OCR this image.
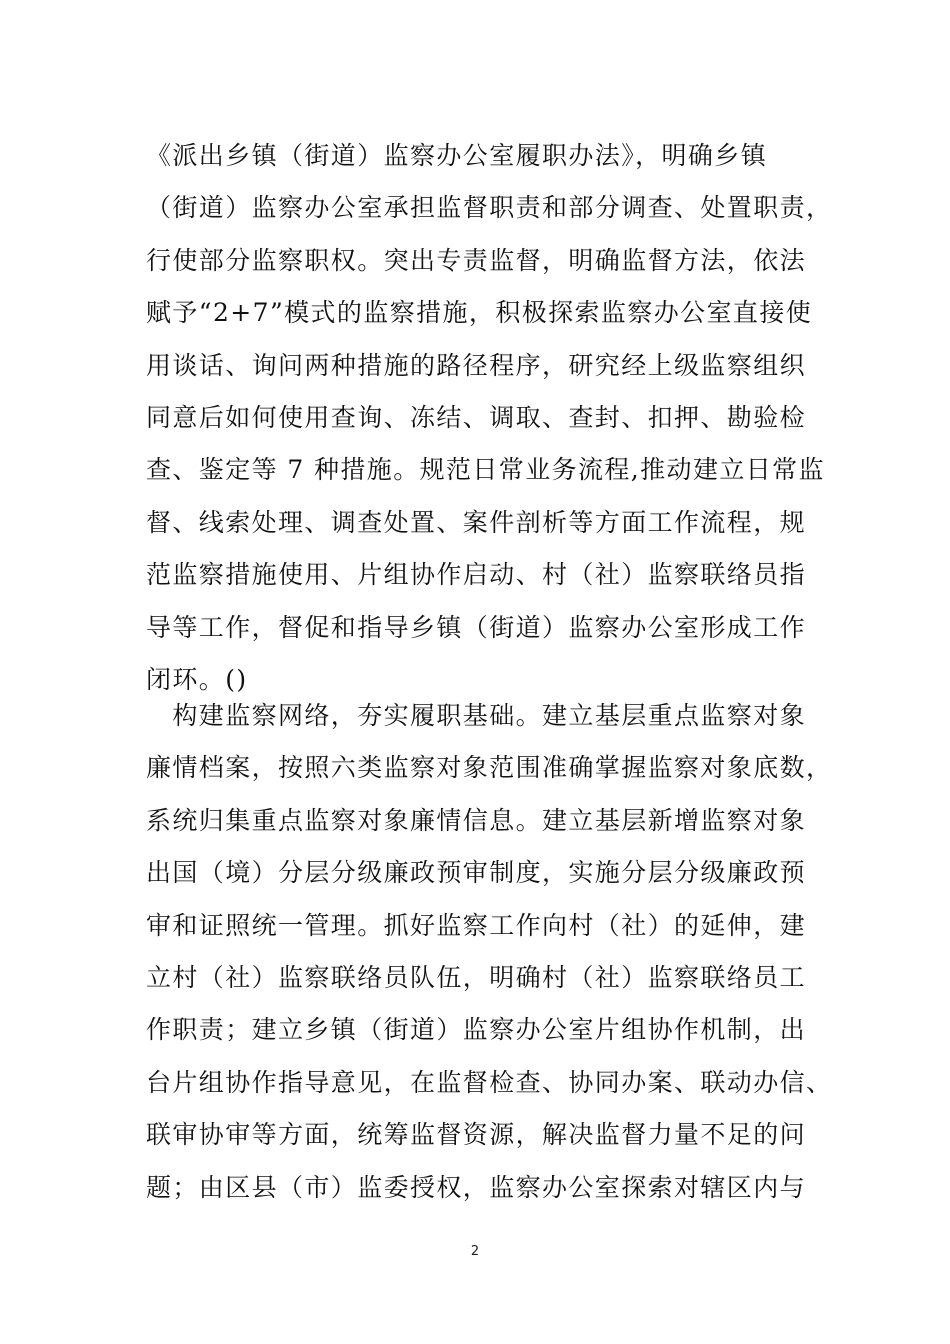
《派出乡镇（街道）监察办公室履职办法》，明确乡镇
（街道）监察办公室承担监督职责和部分调查、处置职责，
行使部分监察职权。突出专责监督，明确监督方法，依法
赋予“2+7”模式的监察措施，积极探索监察办公室直接使
用谈话、询问两种措施的路径程序，研究经上级监察组织
同意后如何使用查询、冻结、调取、查封、扣押、勘验检
查、鉴定等 7 种措施。规范日常业务流程,推动建立日常监
督、线索处理、调查处置、案件剖析等方面工作流程，规
范监察措施使用、片组协作启动、村（社）监察联络员指
导等工作，督促和指导乡镇（街道）监察办公室形成工作
闭环。()
　构建监察网络，夯实履职基础。建立基层重点监察对象
廉情档案，按照六类监察对象范围准确掌握监察对象底数，
系统归集重点监察对象廉情信息。建立基层新增监察对象
出国（境）分层分级廉政预审制度，实施分层分级廉政预
审和证照统一管理。抓好监察工作向村（社）的延伸，建
立村（社）监察联络员队伍，明确村（社）监察联络员工
作职责；建立乡镇（街道）监察办公室片组协作机制，出
台片组协作指导意见，在监督检查、协同办案、联动办信、
联审协审等方面，统筹监督资源，解决监督力量不足的问
题；由区县（市）监委授权，监察办公室探索对辖区内与
2
